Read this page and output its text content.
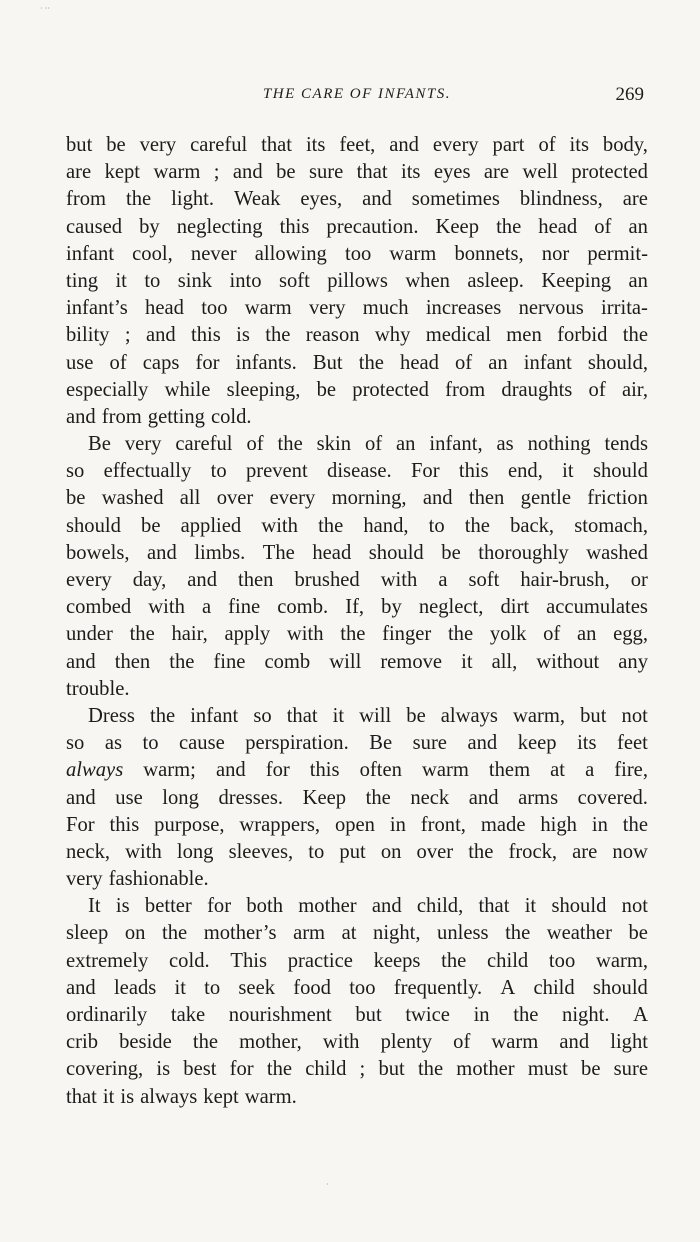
THE CARE OF INFANTS.	269
but be very careful that its feet, and every part of its body,
are kept warm ; and be sure that its eyes are well protected
from the light. Weak eyes, and sometimes blindness, are
caused by neglecting this precaution. Keep the head of an
infant cool, never allowing too warm bonnets, nor permit-
ting it to sink into soft pillows when asleep. Keeping an
infant’s head too warm very much increases nervous irrita-
bility ; and this is the reason why medical men forbid the
use of caps for infants. But the head of an infant should,
especially while sleeping, be protected from draughts of air,
and from getting cold.
Be very careful of the skin of an infant, as nothing tends
so effectually to prevent disease. For this end, it should
be washed all over every morning, and then gentle friction
should be applied with the hand, to the back, stomach,
bowels, and limbs. The head should be thoroughly washed
every day, and then brushed with a soft hair-brush, or
combed with a fine comb. If, by neglect, dirt accumulates
under the hair, apply with the finger the yolk of an egg,
and then the fine comb will remove it all, without any
trouble.
Dress the infant so that it will be always warm, but not
so as to cause perspiration. Be sure and keep its feet
always warm; and for this often warm them at a fire,
and use long dresses. Keep the neck and arms covered.
For this purpose, wrappers, open in front, made high in the
neck, with long sleeves, to put on over the frock, are now
very fashionable.
It is better for both mother and child, that it should not
sleep on the mother’s arm at night, unless the weather be
extremely cold. This practice keeps the child too warm,
and leads it to seek food too frequently. A child should
ordinarily take nourishment but twice in the night. A
crib beside the mother, with plenty of warm and light
covering, is best for the child ; but the mother must be sure
that it is always kept warm.
· ··
·
